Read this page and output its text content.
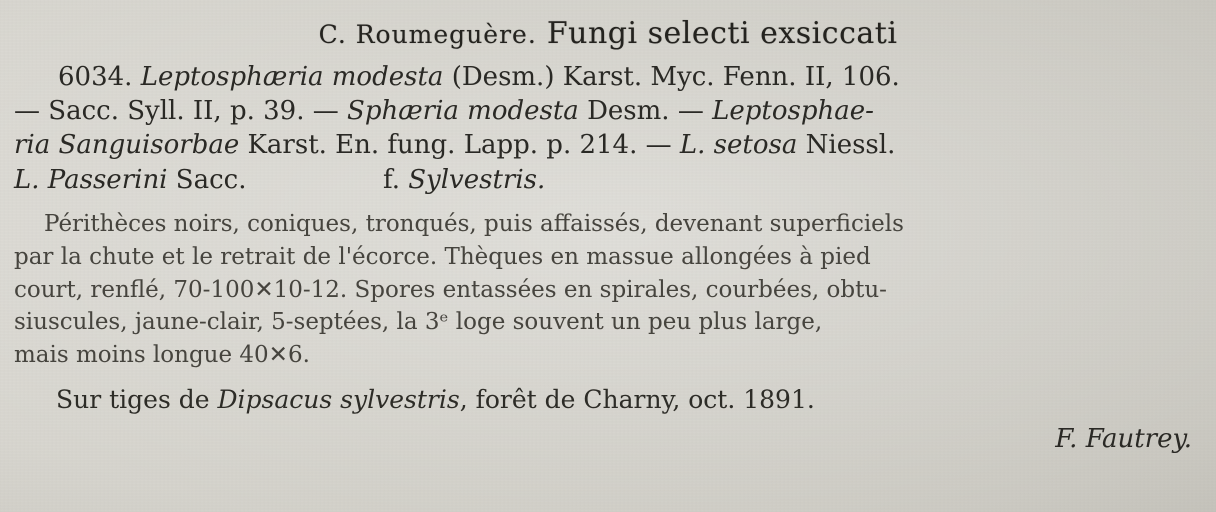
C. Roumeguère. Fungi selecti exsiccati
6034. Leptosphæria modesta (Desm.) Karst. Myc. Fenn. II, 106.
— Sacc. Syll. II, p. 39. — Sphæria modesta Desm. — Leptosphae-
ria Sanguisorbae Karst. En. fung. Lapp. p. 214. — L. setosa Niessl.
L. Passerini Sacc.	f. Sylvestris.
Périthèces noirs, coniques, tronqués, puis affaissés, devenant superficiels
par la chute et le retrait de l'écorce. Thèques en massue allongées à pied
court, renflé, 70-100✕10-12. Spores entassées en spirales, courbées, obtu-
siuscules, jaune-clair, 5-septées, la 3ᵉ loge souvent un peu plus large,
mais moins longue 40✕6.
Sur tiges de Dipsacus sylvestris, forêt de Charny, oct. 1891.
F. Fautrey.
